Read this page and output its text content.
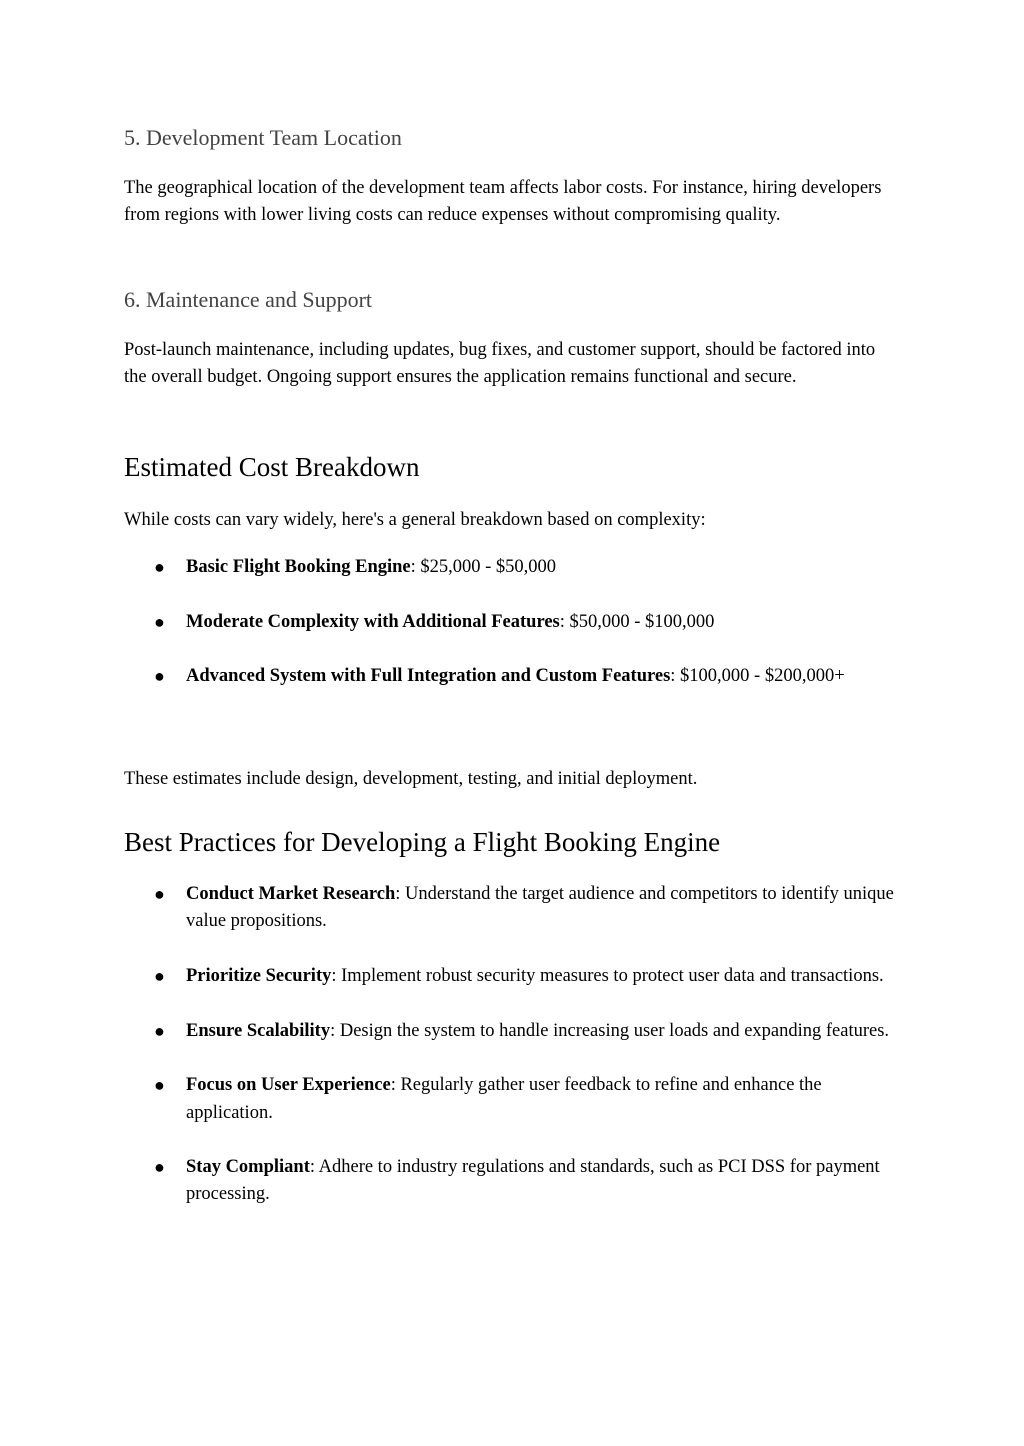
5. Development Team Location

The geographical location of the development team affects labor costs. For instance, hiring developers from regions with lower living costs can reduce expenses without compromising quality.

6. Maintenance and Support

Post-launch maintenance, including updates, bug fixes, and customer support, should be factored into the overall budget. Ongoing support ensures the application remains functional and secure.

Estimated Cost Breakdown

While costs can vary widely, here's a general breakdown based on complexity:

● Basic Flight Booking Engine: $25,000 - $50,000
● Moderate Complexity with Additional Features: $50,000 - $100,000
● Advanced System with Full Integration and Custom Features: $100,000 - $200,000+

These estimates include design, development, testing, and initial deployment.

Best Practices for Developing a Flight Booking Engine
● Conduct Market Research: Understand the target audience and competitors to identify unique value propositions.
● Prioritize Security: Implement robust security measures to protect user data and transactions.
● Ensure Scalability: Design the system to handle increasing user loads and expanding features.
● Focus on User Experience: Regularly gather user feedback to refine and enhance the application.
● Stay Compliant: Adhere to industry regulations and standards, such as PCI DSS for payment processing.
